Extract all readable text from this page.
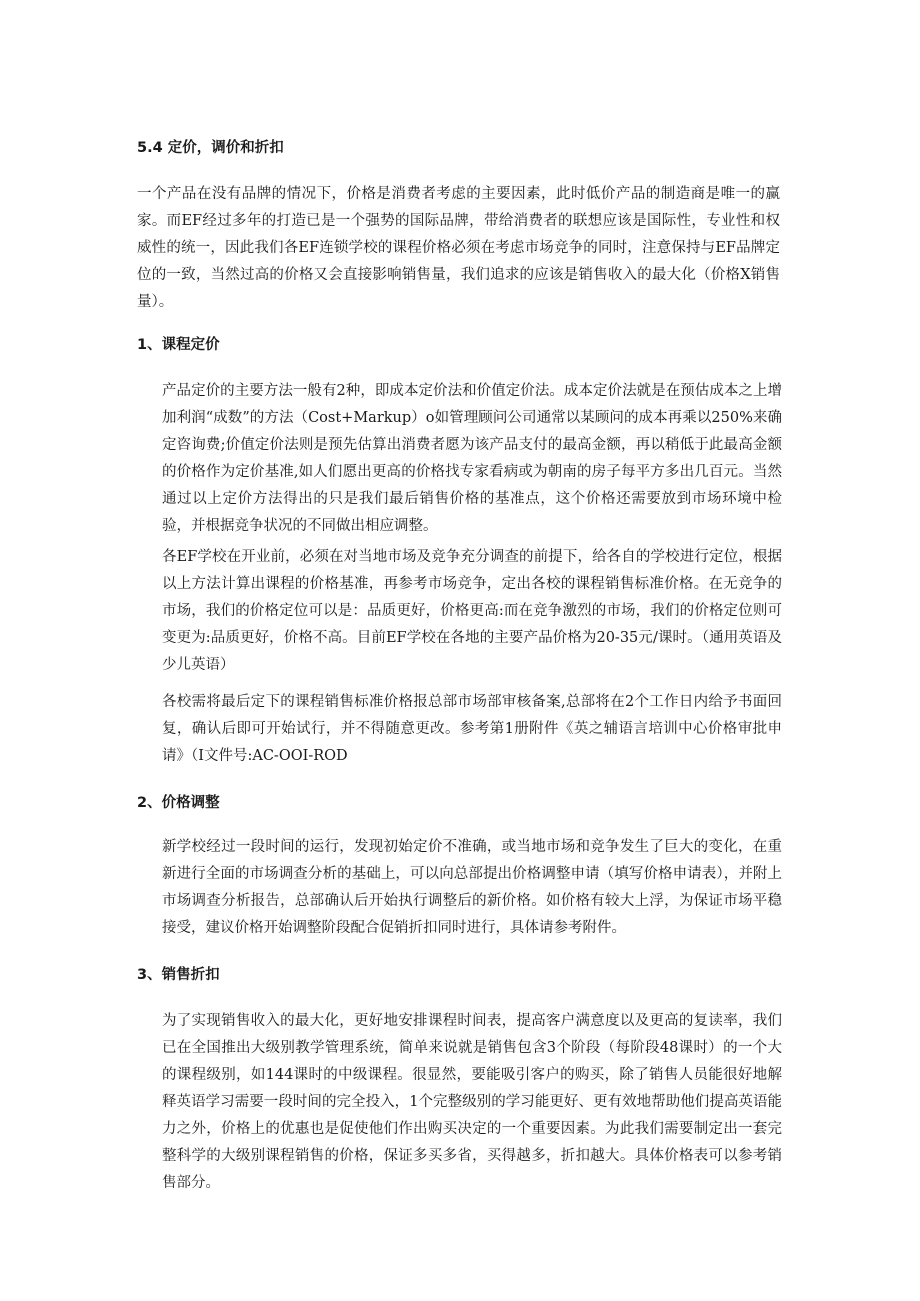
5.4 定价，调价和折扣

一个产品在没有品牌的情况下，价格是消费者考虑的主要因素，此时低价产品的制造商是唯一的赢家。而EF经过多年的打造已是一个强势的国际品牌，带给消费者的联想应该是国际性，专业性和权威性的统一，因此我们各EF连锁学校的课程价格必须在考虑市场竞争的同时，注意保持与EF品牌定位的一致，当然过高的价格又会直接影响销售量，我们追求的应该是销售收入的最大化（价格X销售量）。

1、课程定价

产品定价的主要方法一般有2种，即成本定价法和价值定价法。成本定价法就是在预估成本之上增加利润“成数”的方法（Cost+Markup）o如管理顾问公司通常以某顾问的成本再乘以250%来确定咨询费;价值定价法则是预先估算出消费者愿为该产品支付的最高金额，再以稍低于此最高金额的价格作为定价基准,如人们愿出更高的价格找专家看病或为朝南的房子每平方多出几百元。当然通过以上定价方法得出的只是我们最后销售价格的基准点，这个价格还需要放到市场环境中检验，并根据竞争状况的不同做出相应调整。

各EF学校在开业前，必须在对当地市场及竞争充分调查的前提下，给各自的学校进行定位，根据以上方法计算出课程的价格基准，再参考市场竞争，定出各校的课程销售标准价格。在无竞争的市场，我们的价格定位可以是：品质更好，价格更高:而在竞争激烈的市场，我们的价格定位则可变更为:品质更好，价格不高。目前EF学校在各地的主要产品价格为20-35元/课时。（通用英语及少儿英语）

各校需将最后定下的课程销售标准价格报总部市场部审核备案,总部将在2个工作日内给予书面回复，确认后即可开始试行，并不得随意更改。参考第1册附件《英之辅语言培训中心价格审批申请》（I文件号:AC-OOI-ROD

2、价格调整

新学校经过一段时间的运行，发现初始定价不准确，或当地市场和竞争发生了巨大的变化，在重新进行全面的市场调查分析的基础上，可以向总部提出价格调整申请（填写价格申请表），并附上市场调查分析报告，总部确认后开始执行调整后的新价格。如价格有较大上浮，为保证市场平稳接受，建议价格开始调整阶段配合促销折扣同时进行，具体请参考附件。

3、销售折扣

为了实现销售收入的最大化，更好地安排课程时间表，提高客户满意度以及更高的复读率，我们已在全国推出大级别教学管理系统，简单来说就是销售包含3个阶段（每阶段48课时）的一个大的课程级别，如144课时的中级课程。很显然，要能吸引客户的购买，除了销售人员能很好地解释英语学习需要一段时间的完全投入，1个完整级别的学习能更好、更有效地帮助他们提高英语能力之外，价格上的优惠也是促使他们作出购买决定的一个重要因素。为此我们需要制定出一套完整科学的大级别课程销售的价格，保证多买多省，买得越多，折扣越大。具体价格表可以参考销售部分。
